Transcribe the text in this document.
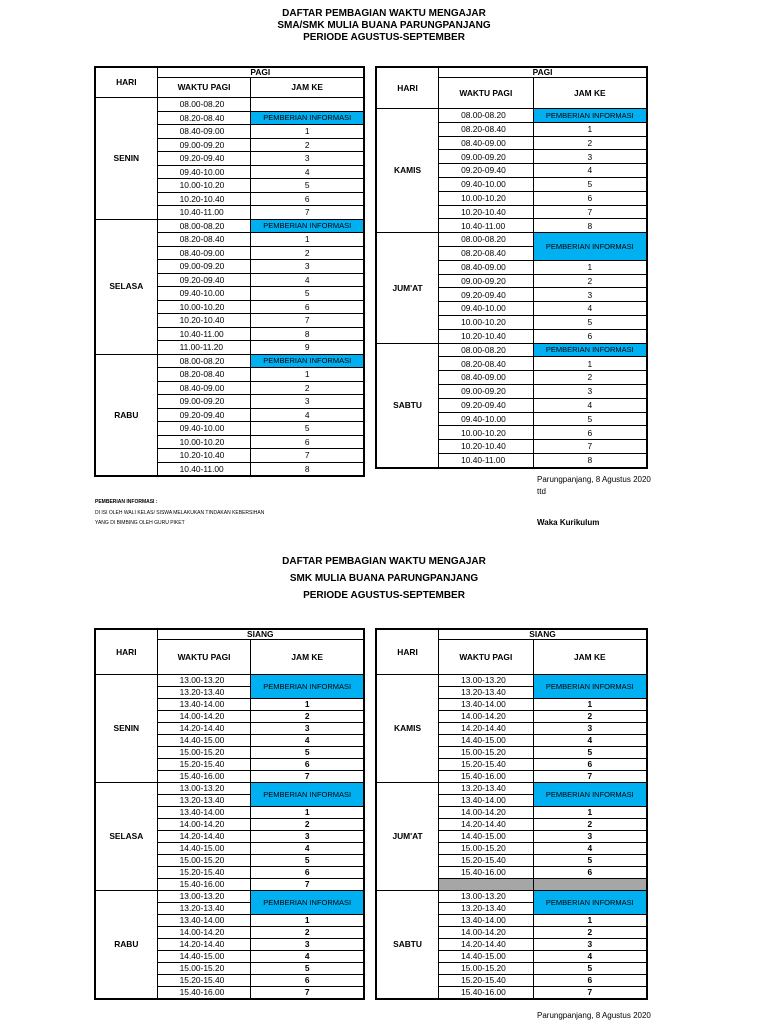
DAFTAR PEMBAGIAN WAKTU MENGAJAR
SMA/SMK MULIA BUANA PARUNGPANJANG
PERIODE AGUSTUS-SEPTEMBER
HARI	PAGI	
	WAKTU PAGI	JAM KE
SENIN	08.00-08.20	
	08.20-08.40	PEMBERIAN INFORMASI
	08.40-09.00	1
	09.00-09.20	2
	09.20-09.40	3
	09.40-10.00	4
	10.00-10.20	5
	10.20-10.40	6
	10.40-11.00	7
SELASA	08.00-08.20	PEMBERIAN INFORMASI
	08.20-08.40	1
	08.40-09.00	2
	09.00-09.20	3
	09.20-09.40	4
	09.40-10.00	5
	10.00-10.20	6
	10.20-10.40	7
	10.40-11.00	8
	11.00-11.20	9
RABU	08.00-08.20	PEMBERIAN INFORMASI
	08.20-08.40	1
	08.40-09.00	2
	09.00-09.20	3
	09.20-09.40	4
	09.40-10.00	5
	10.00-10.20	6
	10.20-10.40	7
	10.40-11.00	8
HARI	PAGI	
	WAKTU PAGI	JAM KE
KAMIS	08.00-08.20	PEMBERIAN INFORMASI
	08.20-08.40	1
	08.40-09.00	2
	09.00-09.20	3
	09.20-09.40	4
	09.40-10.00	5
	10.00-10.20	6
	10.20-10.40	7
	10.40-11.00	8
JUM'AT	08.00-08.20	PEMBERIAN INFORMASI
	08.20-08.40	
	08.40-09.00	1
	09.00-09.20	2
	09.20-09.40	3
	09.40-10.00	4
	10.00-10.20	5
	10.20-10.40	6
SABTU	08.00-08.20	PEMBERIAN INFORMASI
	08.20-08.40	1
	08.40-09.00	2
	09.00-09.20	3
	09.20-09.40	4
	09.40-10.00	5
	10.00-10.20	6
	10.20-10.40	7
	10.40-11.00	8
Parungpanjang, 8 Agustus 2020
ttd
Waka Kurikulum
PEMBERIAN INFORMASI :
DI ISI OLEH WALI KELAS/ SISWA MELAKUKAN TINDAKAN KEBERSIHAN
YANG DI BIMBING OLEH GURU PIKET
DAFTAR PEMBAGIAN WAKTU MENGAJAR
SMK MULIA BUANA PARUNGPANJANG
PERIODE AGUSTUS-SEPTEMBER
HARI	SIANG	
	WAKTU PAGI	JAM KE
SENIN	13.00-13.20	PEMBERIAN INFORMASI
	13.20-13.40	
	13.40-14.00	1
	14.00-14.20	2
	14.20-14.40	3
	14.40-15.00	4
	15.00-15.20	5
	15.20-15.40	6
	15.40-16.00	7
SELASA	13.00-13.20	PEMBERIAN INFORMASI
	13.20-13.40	
	13.40-14.00	1
	14.00-14.20	2
	14.20-14.40	3
	14.40-15.00	4
	15.00-15.20	5
	15.20-15.40	6
	15.40-16.00	7
RABU	13.00-13.20	PEMBERIAN INFORMASI
	13.20-13.40	
	13.40-14.00	1
	14.00-14.20	2
	14.20-14.40	3
	14.40-15.00	4
	15.00-15.20	5
	15.20-15.40	6
	15.40-16.00	7
HARI	SIANG	
	WAKTU PAGI	JAM KE
KAMIS	13.00-13.20	PEMBERIAN INFORMASI
	13.20-13.40	
	13.40-14.00	1
	14.00-14.20	2
	14.20-14.40	3
	14.40-15.00	4
	15.00-15.20	5
	15.20-15.40	6
	15.40-16.00	7
JUM'AT	13.20-13.40	PEMBERIAN INFORMASI
	13.40-14.00	
	14.00-14.20	1
	14.20-14.40	2
	14.40-15.00	3
	15.00-15.20	4
	15.20-15.40	5
	15.40-16.00	6

SABTU	13.00-13.20	PEMBERIAN INFORMASI
	13.20-13.40	
	13.40-14.00	1
	14.00-14.20	2
	14.20-14.40	3
	14.40-15.00	4
	15.00-15.20	5
	15.20-15.40	6
	15.40-16.00	7
Parungpanjang, 8 Agustus 2020
